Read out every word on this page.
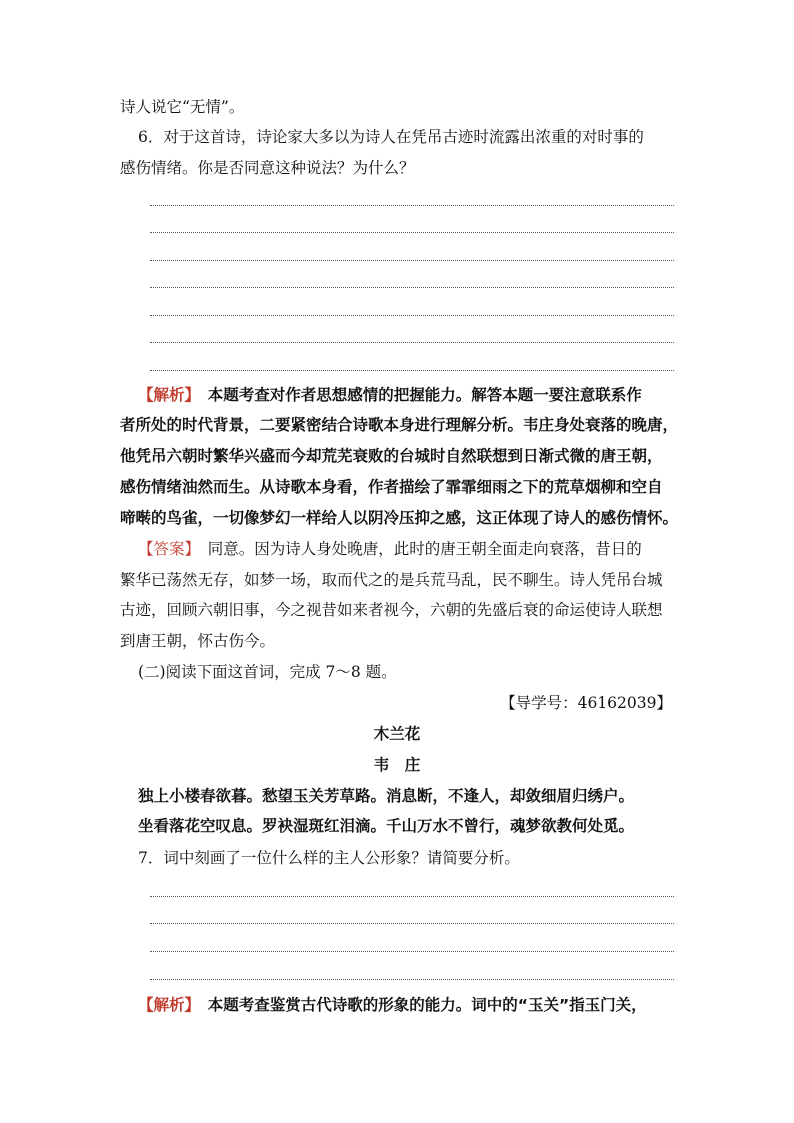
诗人说它“无情”。
6．对于这首诗，诗论家大多以为诗人在凭吊古迹时流露出浓重的对时事的
感伤情绪。你是否同意这种说法？为什么？
【解析】　 本题考查对作者思想感情的把握能力。解答本题一要注意联系作
者所处的时代背景，二要紧密结合诗歌本身进行理解分析。韦庄身处衰落的晚唐，
他凭吊六朝时繁华兴盛而今却荒芜衰败的台城时自然联想到日渐式微的唐王朝，
感伤情绪油然而生。从诗歌本身看，作者描绘了霏霏细雨之下的荒草烟柳和空自
啼啭的鸟雀，一切像梦幻一样给人以阴冷压抑之感，这正体现了诗人的感伤情怀。
【答案】　 同意。因为诗人身处晚唐，此时的唐王朝全面走向衰落，昔日的
繁华已荡然无存，如梦一场，取而代之的是兵荒马乱，民不聊生。诗人凭吊台城
古迹，回顾六朝旧事，今之视昔如来者视今，六朝的先盛后衰的命运使诗人联想
到唐王朝，怀古伤今。
(二)阅读下面这首词，完成 7～8 题。
【导学号：46162039】
木兰花
韦　庄
独上小楼春欲暮。愁望玉关芳草路。消息断，不逢人，却敛细眉归绣户。
坐看落花空叹息。罗袂湿斑红泪滴。千山万水不曾行，魂梦欲教何处觅。
7．词中刻画了一位什么样的主人公形象？请简要分析。
【解析】　 本题考查鉴赏古代诗歌的形象的能力。词中的“玉关”指玉门关，
